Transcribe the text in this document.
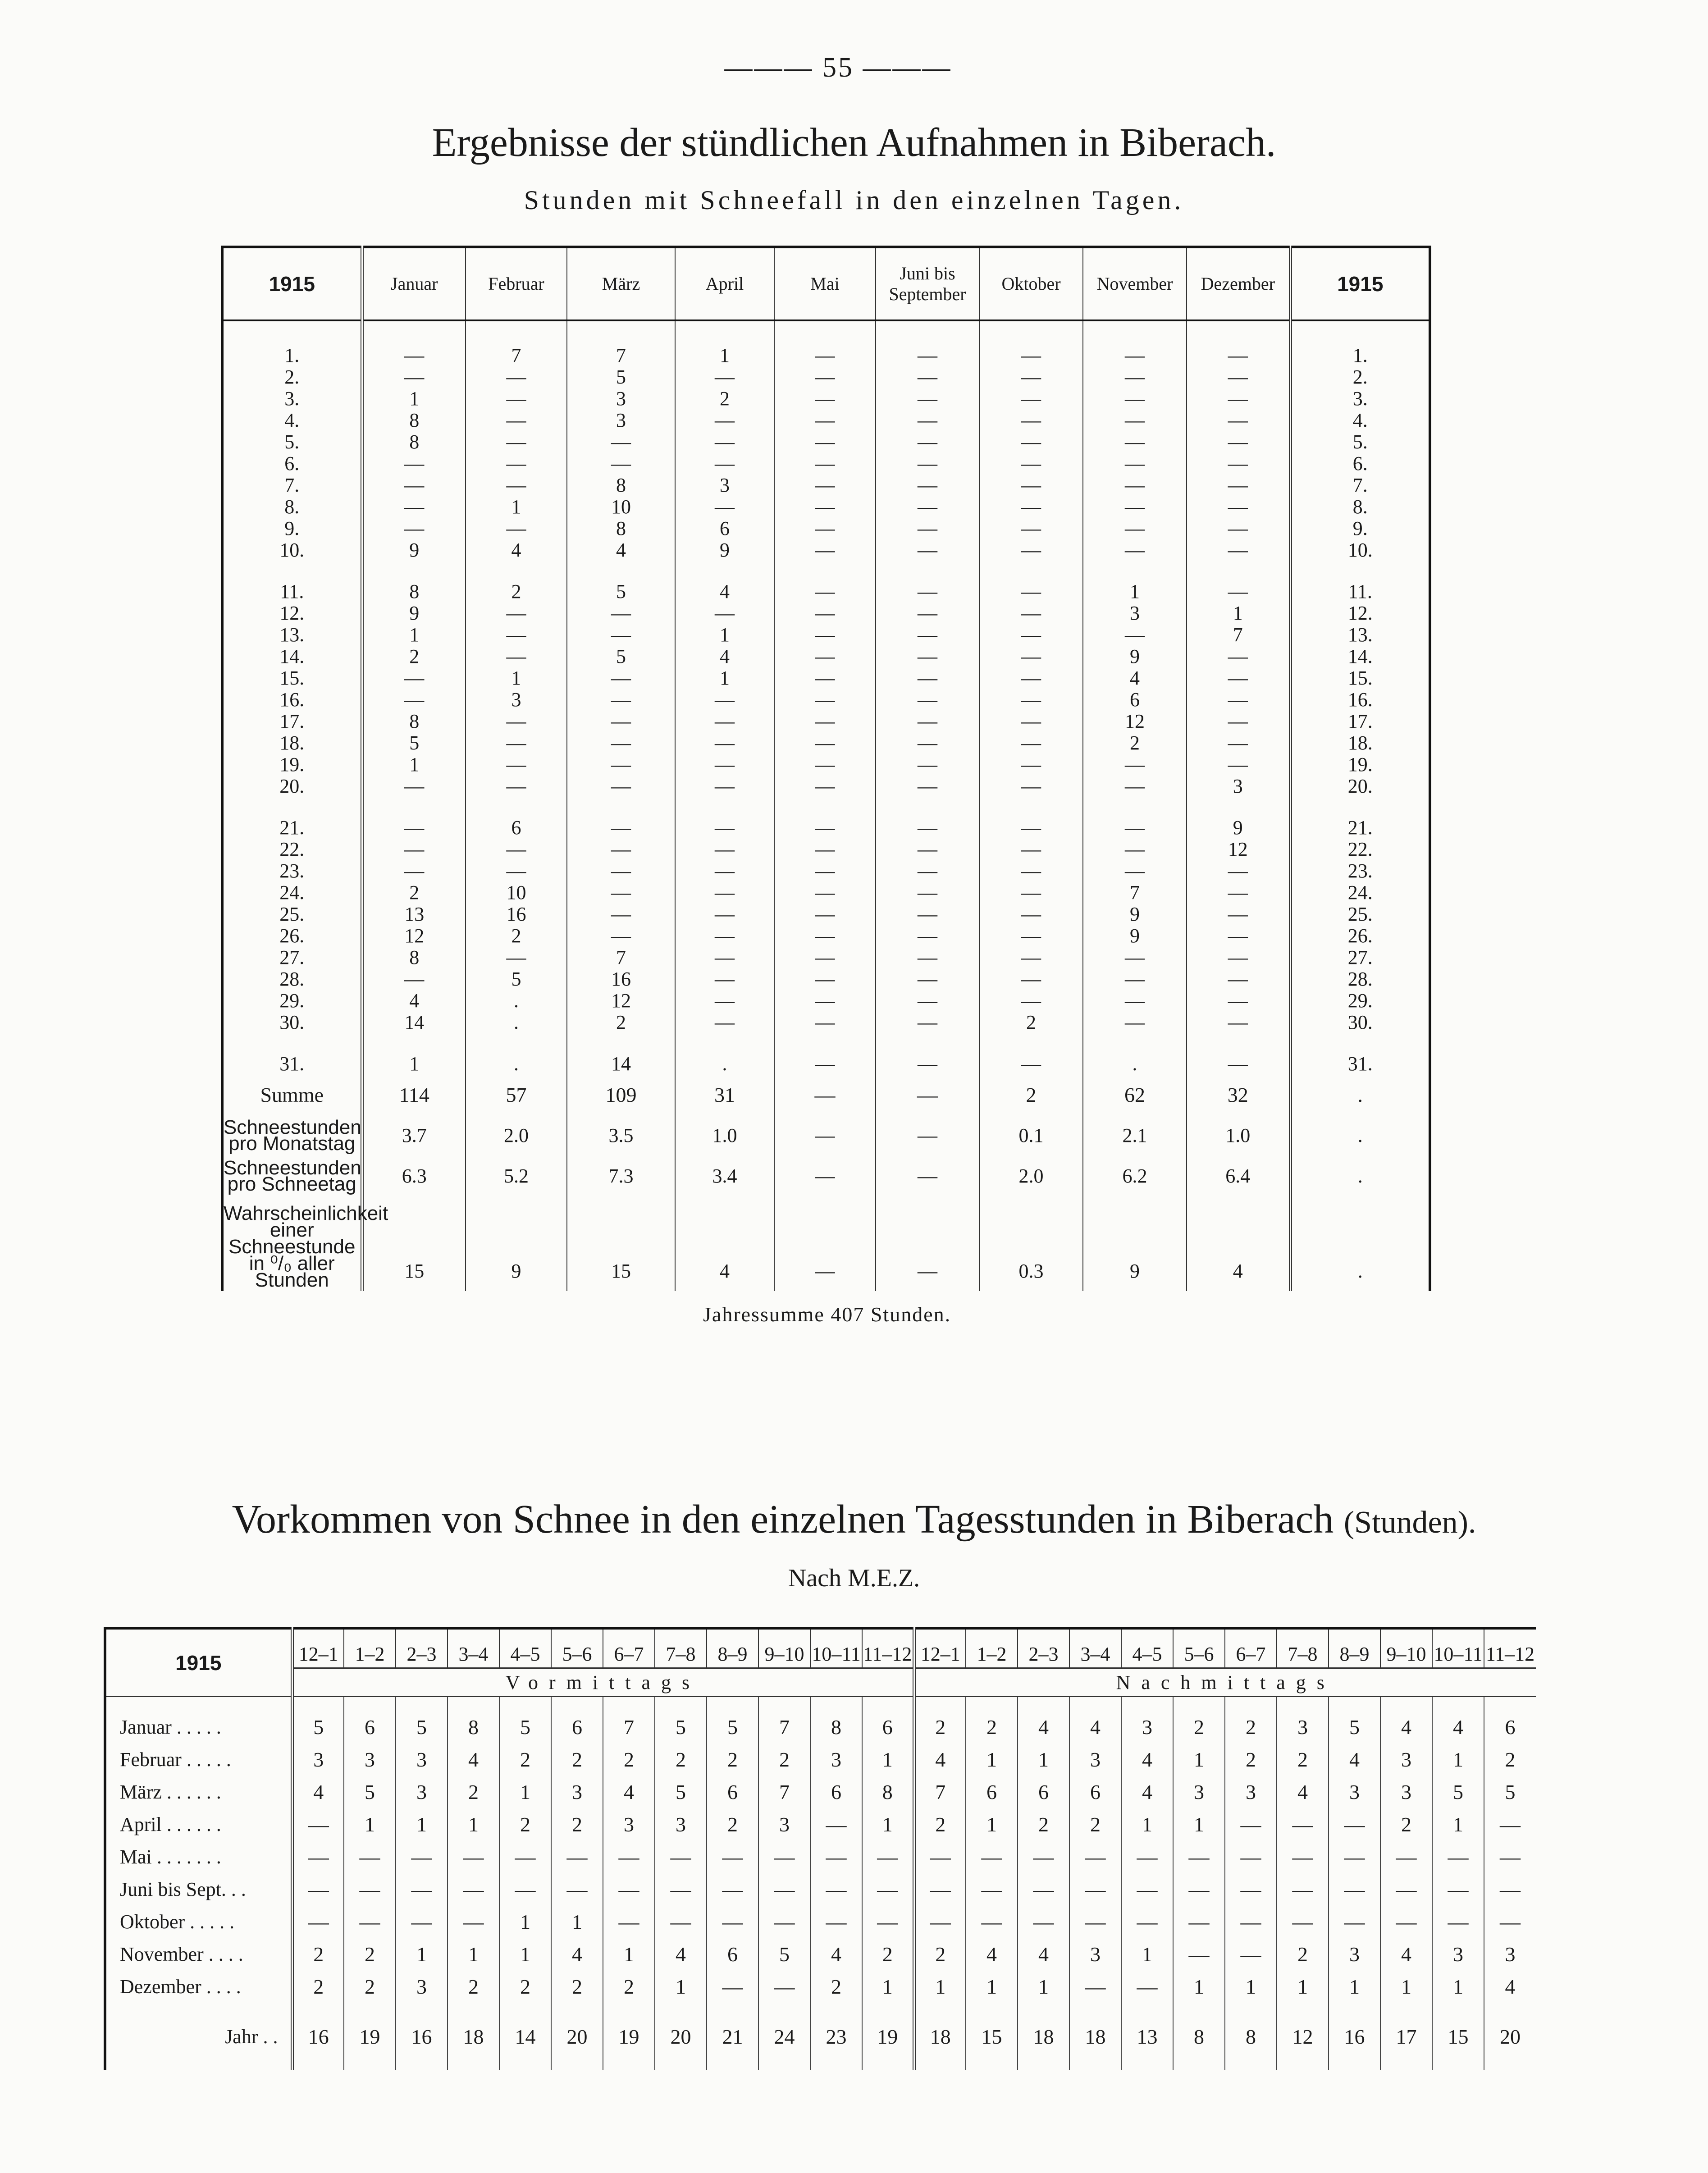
——— 55 ———
Ergebnisse der stündlichen Aufnahmen in Biberach.
Stunden mit Schneefall in den einzelnen Tagen.
1915	Januar	Februar	März	April	Mai	Juni bis September	Oktober	November	Dezember	1915
1.	—	7	7	1	—	—	—	—	—	1.
2.	—	—	5	—	—	—	—	—	—	2.
3.	1	—	3	2	—	—	—	—	—	3.
4.	8	—	3	—	—	—	—	—	—	4.
5.	8	—	—	—	—	—	—	—	—	5.
6.	—	—	—	—	—	—	—	—	—	6.
7.	—	—	8	3	—	—	—	—	—	7.
8.	—	1	10	—	—	—	—	—	—	8.
9.	—	—	8	6	—	—	—	—	—	9.
10.	9	4	4	9	—	—	—	—	—	10.
11.	8	2	5	4	—	—	—	1	—	11.
12.	9	—	—	—	—	—	—	3	1	12.
13.	1	—	—	1	—	—	—	—	7	13.
14.	2	—	5	4	—	—	—	9	—	14.
15.	—	1	—	1	—	—	—	4	—	15.
16.	—	3	—	—	—	—	—	6	—	16.
17.	8	—	—	—	—	—	—	12	—	17.
18.	5	—	—	—	—	—	—	2	—	18.
19.	1	—	—	—	—	—	—	—	—	19.
20.	—	—	—	—	—	—	—	—	3	20.
21.	—	6	—	—	—	—	—	—	9	21.
22.	—	—	—	—	—	—	—	—	12	22.
23.	—	—	—	—	—	—	—	—	—	23.
24.	2	10	—	—	—	—	—	7	—	24.
25.	13	16	—	—	—	—	—	9	—	25.
26.	12	2	—	—	—	—	—	9	—	26.
27.	8	—	7	—	—	—	—	—	—	27.
28.	—	5	16	—	—	—	—	—	—	28.
29.	4	.	12	—	—	—	—	—	—	29.
30.	14	.	2	—	—	—	2	—	—	30.
31.	1	.	14	.	—	—	—	.	—	31.
Summe	114	57	109	31	—	—	2	62	32	.
Schneestunden pro Monatstag	3.7	2.0	3.5	1.0	—	—	0.1	2.1	1.0	.
Schneestunden pro Schneetag	6.3	5.2	7.3	3.4	—	—	2.0	6.2	6.4	.
Wahrscheinlichkeit einer Schneestunde in ⁰/₀ aller Stunden	15	9	15	4	—	—	0.3	9	4	.
Jahressumme 407 Stunden.
Vorkommen von Schnee in den einzelnen Tagesstunden in Biberach (Stunden).
Nach M.E.Z.
1915	12–1	1–2	2–3	3–4	4–5	5–6	6–7	7–8	8–9	9–10	10–11	11–12	12–1	1–2	2–3	3–4	4–5	5–6	6–7	7–8	8–9	9–10	10–11	11–12
	Vormittags												Nachmittags											
Januar . . . . .	5	6	5	8	5	6	7	5	5	7	8	6	2	2	4	4	3	2	2	3	5	4	4	6
Februar . . . . .	3	3	3	4	2	2	2	2	2	2	3	1	4	1	1	3	4	1	2	2	4	3	1	2
März . . . . . .	4	5	3	2	1	3	4	5	6	7	6	8	7	6	6	6	4	3	3	4	3	3	5	5
April . . . . . .	—	1	1	1	2	2	3	3	2	3	—	1	2	1	2	2	1	1	—	—	—	2	1	—
Mai . . . . . . .	—	—	—	—	—	—	—	—	—	—	—	—	—	—	—	—	—	—	—	—	—	—	—	—
Juni bis Sept. . .	—	—	—	—	—	—	—	—	—	—	—	—	—	—	—	—	—	—	—	—	—	—	—	—
Oktober . . . . .	—	—	—	—	1	1	—	—	—	—	—	—	—	—	—	—	—	—	—	—	—	—	—	—
November . . . .	2	2	1	1	1	4	1	4	6	5	4	2	2	4	4	3	1	—	—	2	3	4	3	3
Dezember . . . .	2	2	3	2	2	2	2	1	—	—	2	1	1	1	1	—	—	1	1	1	1	1	1	4
Jahr . .	16	19	16	18	14	20	19	20	21	24	23	19	18	15	18	18	13	8	8	12	16	17	15	20
